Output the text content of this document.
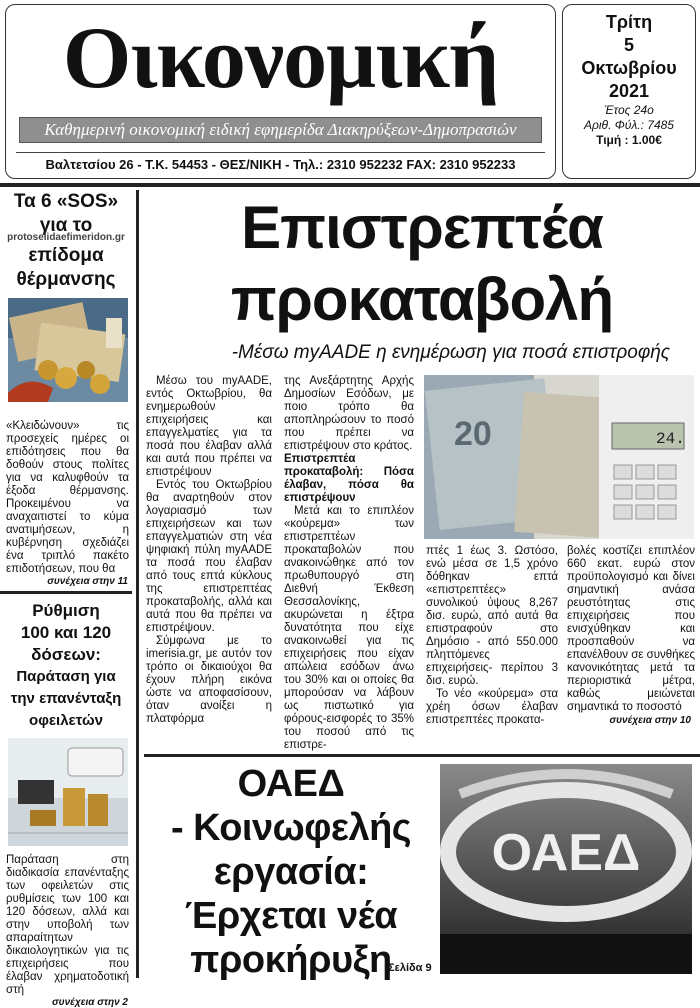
Οικονομική
Καθημερινή οικονομική ειδική εφημερίδα Διακηρύξεων-Δημοπρασιών
Βαλτετσίου 26 - Τ.Κ. 54453 - ΘΕΣ/ΝΙΚΗ - Τηλ.: 2310 952232 FAX: 2310 952233
Τρίτη
5
Οκτωβρίου
2021
Έτος 24ο
Αριθ. Φύλ.: 7485
Τιμή : 1.00€
Τα 6 «SOS»
για το
protoselidaefimeridon.gr
επίδομα
θέρμανσης
«Κλειδώνουν» τις προσεχείς ημέρες οι επιδότησεις που θα δοθούν στους πολίτες για να καλυφθούν τα έξοδα θέρμανσης. Προκειμένου να αναχαιτιστεί το κύμα ανατιμήσεων, η κυβέρνηση σχεδιάζει ένα τριπλό πακέτο επιδοτήσεων, που θα
συνέχεια στην 11
Ρύθμιση
100 και 120
δόσεων:
Παράταση για
την επανένταξη
οφειλετών
Παράταση στη διαδικασία επανένταξης των οφειλετών στις ρυθμίσεις των 100 και 120 δόσεων, αλλά και στην υποβολή των απαραίτητων δικαιολογητικών για τις επιχειρήσεις που έλαβαν χρηματοδοτική στή
συνέχεια στην 2
Επιστρεπτέα
προκαταβολή
-Μέσω myAADE η ενημέρωση για ποσά επιστροφής

Μέσω του myAADE, εντός Οκτωβρίου, θα ενημερωθούν επιχειρήσεις και επαγγελματίες για τα ποσά που έλαβαν αλλά και αυτά που πρέπει να επιστρέψουν

Εντός του Οκτωβρίου θα αναρτηθούν στον λογαριασμό των επιχειρήσεων και των επαγγελματιών στη νέα ψηφιακή πύλη myAADE τα ποσά που έλαβαν από τους επτά κύκλους της επιστρεπτέας προκαταβολής, αλλά και αυτά που θα πρέπει να επιστρέψουν.

Σύμφωνα με το imerisia.gr, με αυτόν τον τρόπο οι δικαιούχοι θα έχουν πλήρη εικόνα ώστε να αποφασίσουν, όταν ανοίξει η πλατφόρμα

της Ανεξάρτητης Αρχής Δημοσίων Εσόδων, με ποιο τρόπο θα αποπληρώσουν το ποσό που πρέπει να επιστρέψουν στο κράτος.

Επιστρεπτέα προκαταβολή: Πόσα έλαβαν, πόσα θα επιστρέψουν

Μετά και το επιπλέον «κούρεμα» των επιστρεπτέων προκαταβολών που ανακοινώθηκε από τον πρωθυπουργό στη Διεθνή Έκθεση Θεσσαλονίκης, ακυρώνεται η έξτρα δυνατότητα που είχε ανακοινωθεί για τις επιχειρήσεις που είχαν απώλεια εσόδων άνω του 30% και οι οποίες θα μπορούσαν να λάβουν ως πιστωτικό για φόρους-εισφορές το 35% του ποσού από τις επιστρε-

20	24.

πτές 1 έως 3. Ωστόσο, ενώ μέσα σε 1,5 χρόνο δόθηκαν επτά «επιστρεπτέες» συνολικού ύψους 8,267 δισ. ευρώ, από αυτά θα επιστραφούν στο Δημόσιο - από 550.000 πληττόμενες επιχειρήσεις- περίπου 3 δισ. ευρώ.

Το νέο «κούρεμα» στα χρέη όσων έλαβαν επιστρεπτέες προκατα-

βολές κοστίζει επιπλέον 660 εκατ. ευρώ στον προϋπολογισμό και δίνει σημαντική ανάσα ρευστότητας στις επιχειρήσεις που ενισχύθηκαν και προσπαθούν να επανέλθουν σε συνθήκες κανονικότητας μετά τα περιοριστικά μέτρα, καθώς μειώνεται σημαντικά το ποσοστό

συνέχεια στην 10
ΟΑΕΔ
- Κοινωφελής
εργασία:
Έρχεται νέα
προκήρυξη
Σελίδα 9
ΟΑΕΔ
